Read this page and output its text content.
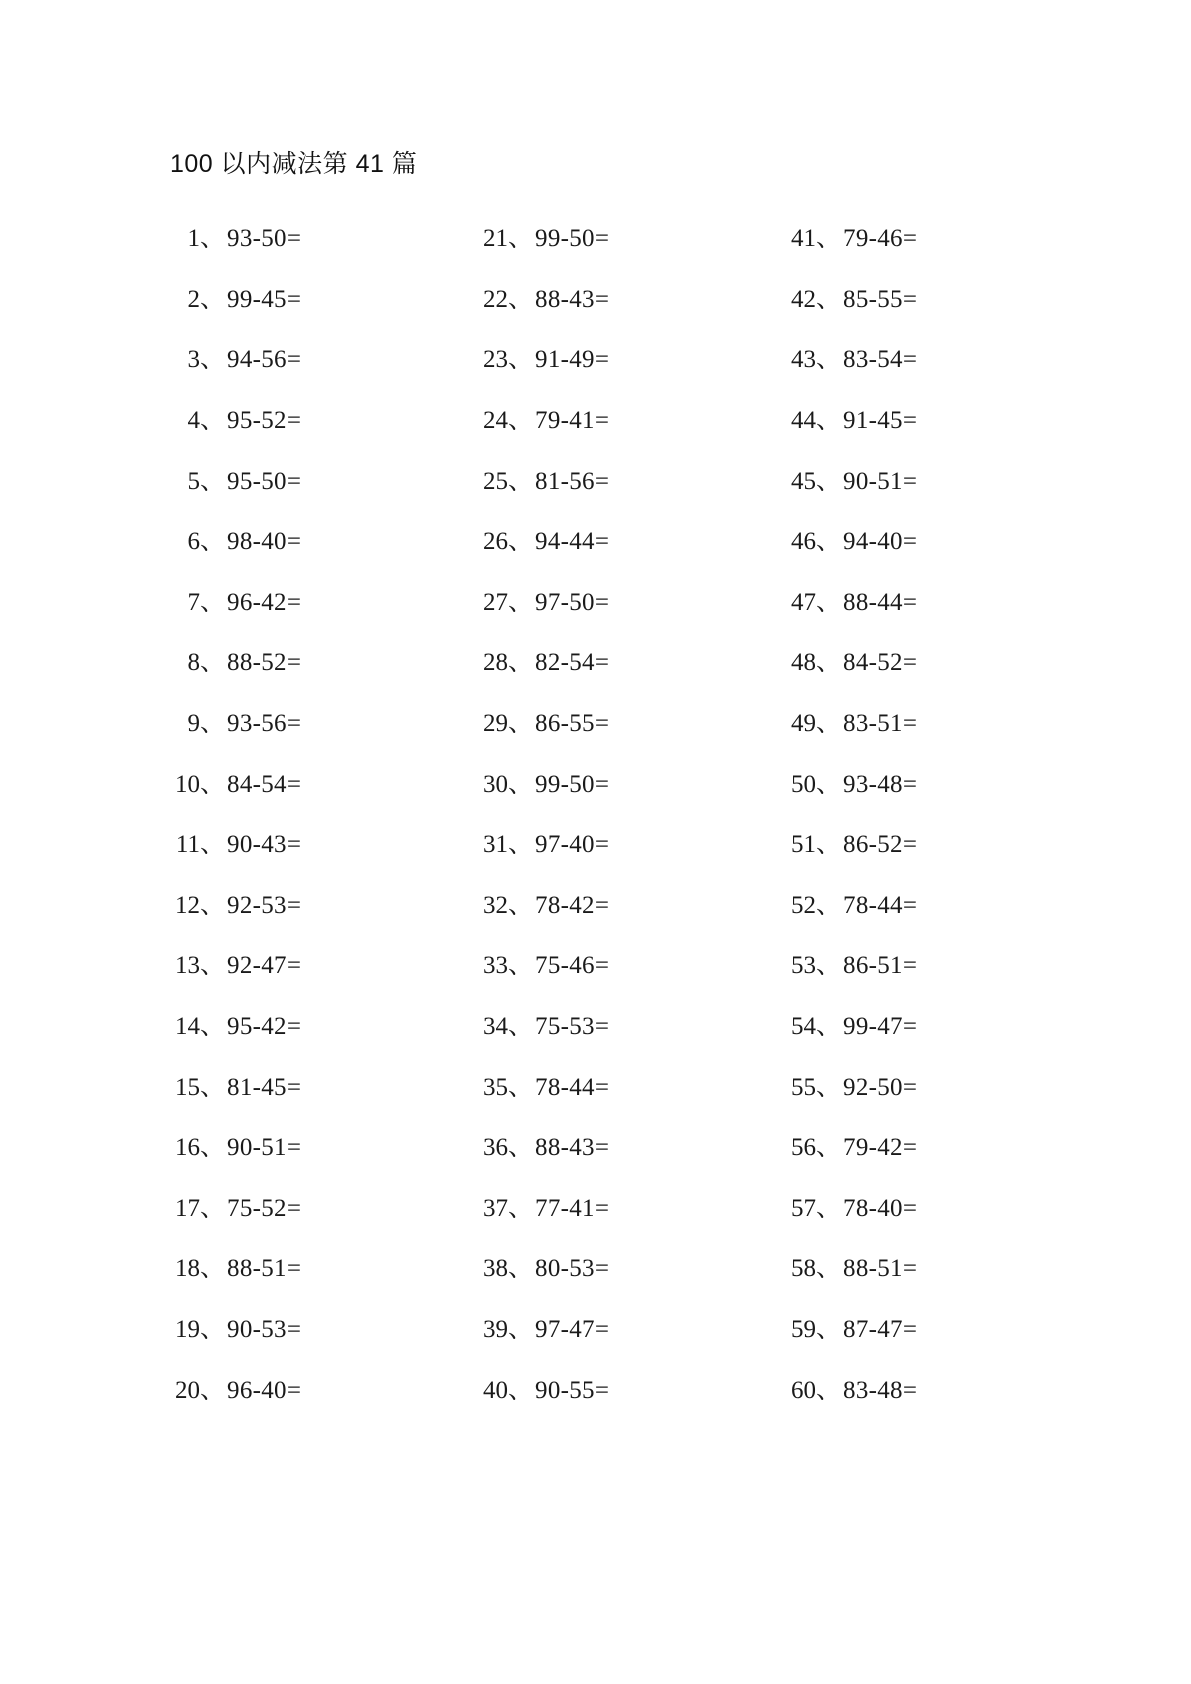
100 以内减法第 41 篇
1 、 93-50=
2 、 99-45=
3 、 94-56=
4 、 95-52=
5 、 95-50=
6 、 98-40=
7 、 96-42=
8 、 88-52=
9 、 93-56=
10 、 84-54=
11 、 90-43=
12 、 92-53=
13 、 92-47=
14 、 95-42=
15 、 81-45=
16 、 90-51=
17 、 75-52=
18 、 88-51=
19 、 90-53=
20 、 96-40=
21 、 99-50=
22 、 88-43=
23 、 91-49=
24 、 79-41=
25 、 81-56=
26 、 94-44=
27 、 97-50=
28 、 82-54=
29 、 86-55=
30 、 99-50=
31 、 97-40=
32 、 78-42=
33 、 75-46=
34 、 75-53=
35 、 78-44=
36 、 88-43=
37 、 77-41=
38 、 80-53=
39 、 97-47=
40 、 90-55=
41 、 79-46=
42 、 85-55=
43 、 83-54=
44 、 91-45=
45 、 90-51=
46 、 94-40=
47 、 88-44=
48 、 84-52=
49 、 83-51=
50 、 93-48=
51 、 86-52=
52 、 78-44=
53 、 86-51=
54 、 99-47=
55 、 92-50=
56 、 79-42=
57 、 78-40=
58 、 88-51=
59 、 87-47=
60 、 83-48=
